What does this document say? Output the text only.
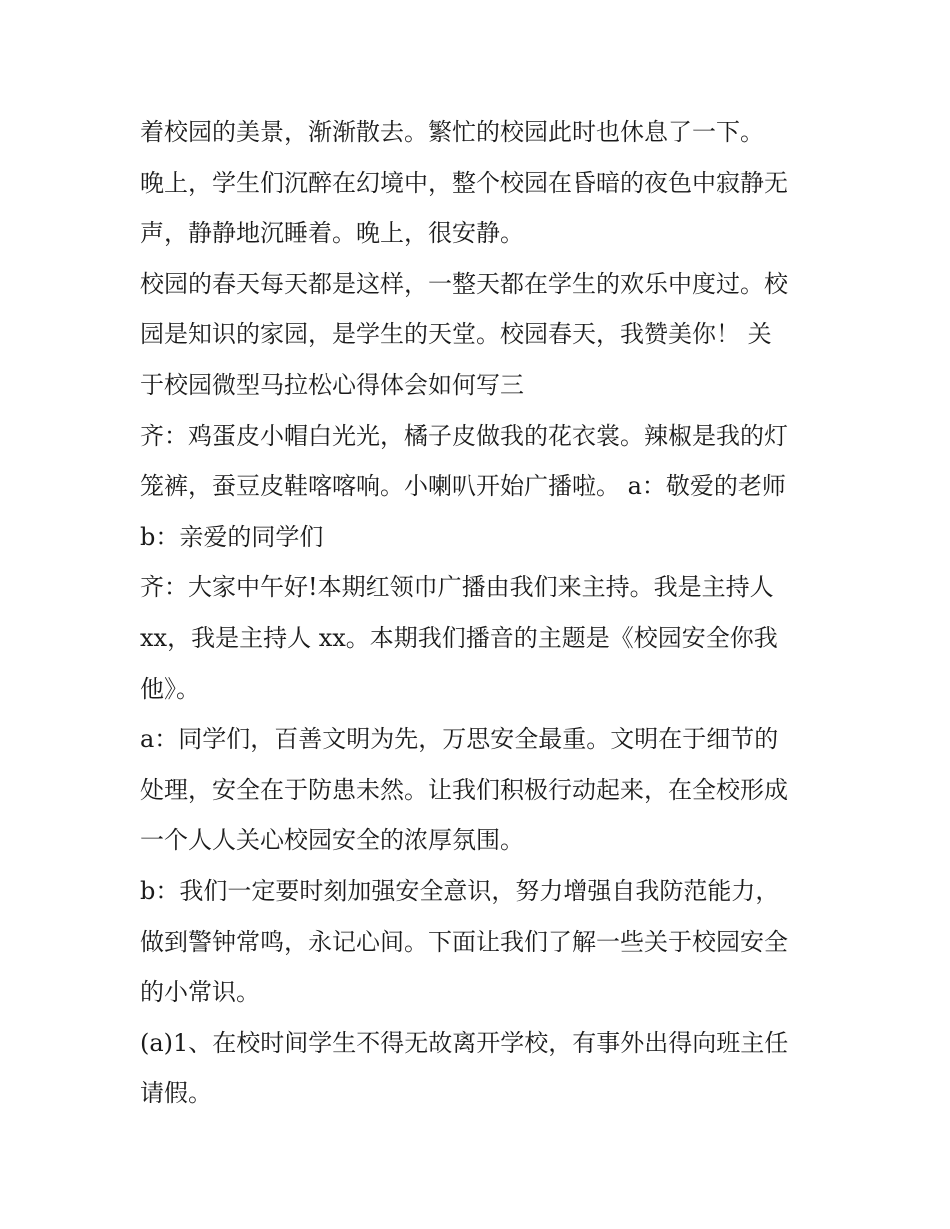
着校园的美景，渐渐散去。繁忙的校园此时也休息了一下。
晚上，学生们沉醉在幻境中，整个校园在昏暗的夜色中寂静无
声，静静地沉睡着。晚上，很安静。
校园的春天每天都是这样，一整天都在学生的欢乐中度过。校
园是知识的家园，是学生的天堂。校园春天，我赞美你！ 关
于校园微型马拉松心得体会如何写三
齐：鸡蛋皮小帽白光光，橘子皮做我的花衣裳。辣椒是我的灯
笼裤，蚕豆皮鞋喀喀响。小喇叭开始广播啦。 a：敬爱的老师
b：亲爱的同学们
齐：大家中午好!本期红领巾广播由我们来主持。我是主持人
xx，我是主持人 xx。本期我们播音的主题是《校园安全你我
他》。
a：同学们，百善文明为先，万思安全最重。文明在于细节的
处理，安全在于防患未然。让我们积极行动起来，在全校形成
一个人人关心校园安全的浓厚氛围。
b：我们一定要时刻加强安全意识，努力增强自我防范能力，
做到警钟常鸣，永记心间。下面让我们了解一些关于校园安全
的小常识。
(a)1、在校时间学生不得无故离开学校，有事外出得向班主任
请假。
